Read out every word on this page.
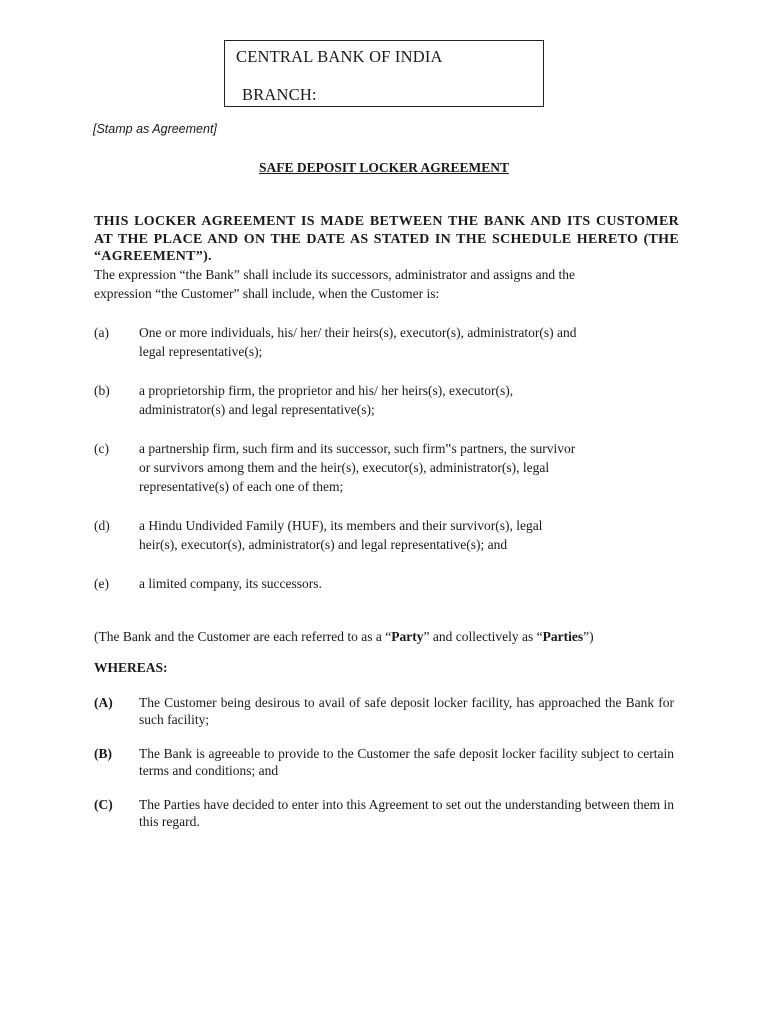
CENTRAL BANK OF INDIA
BRANCH:
[Stamp as Agreement]
SAFE DEPOSIT LOCKER AGREEMENT
THIS LOCKER AGREEMENT IS MADE BETWEEN THE BANK AND ITS CUSTOMER AT THE PLACE AND ON THE DATE AS STATED IN THE SCHEDULE HERETO (THE “AGREEMENT”).
The expression “the Bank” shall include its successors, administrator and assigns and the
expression “the Customer” shall include, when the Customer is:
(a) One or more individuals, his/ her/ their heirs(s), executor(s), administrator(s) and
legal representative(s);
(b) a proprietorship firm, the proprietor and his/ her heirs(s), executor(s),
administrator(s) and legal representative(s);
(c) a partnership firm, such firm and its successor, such firm‟s partners, the survivor
or survivors among them and the heir(s), executor(s), administrator(s), legal
representative(s) of each one of them;
(d) a Hindu Undivided Family (HUF), its members and their survivor(s), legal
heir(s), executor(s), administrator(s) and legal representative(s); and
(e) a limited company, its successors.
(The Bank and the Customer are each referred to as a “Party” and collectively as “Parties”)
WHEREAS:
(A) The Customer being desirous to avail of safe deposit locker facility, has approached the Bank for such facility;
(B) The Bank is agreeable to provide to the Customer the safe deposit locker facility subject to certain terms and conditions; and
(C) The Parties have decided to enter into this Agreement to set out the understanding between them in this regard.
